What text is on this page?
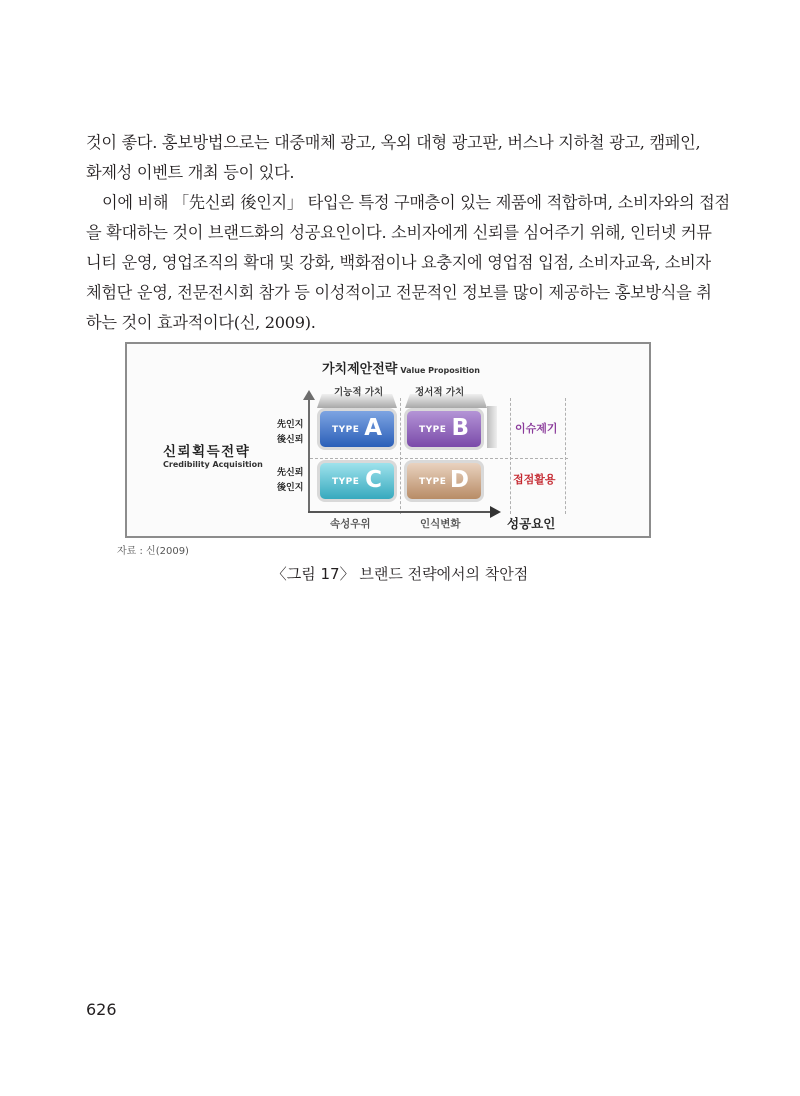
것이 좋다. 홍보방법으로는 대중매체 광고, 옥외 대형 광고판, 버스나 지하철 광고, 캠페인,
화제성 이벤트 개최 등이 있다.
이에 비해 「先신뢰 後인지」 타입은 특정 구매층이 있는 제품에 적합하며, 소비자와의 접점
을 확대하는 것이 브랜드화의 성공요인이다. 소비자에게 신뢰를 심어주기 위해, 인터넷 커뮤
니티 운영, 영업조직의 확대 및 강화, 백화점이나 요충지에 영업점 입점, 소비자교육, 소비자
체험단 운영, 전문전시회 참가 등 이성적이고 전문적인 정보를 많이 제공하는 홍보방식을 취
하는 것이 효과적이다(신, 2009).
가치제안전략 Value Proposition
기능적 가치	정서적 가치
先인지
後신뢰
先신뢰
後인지
신뢰획득전략
Credibility Acquisition
TYPE A	TYPE B
TYPE C	TYPE D
이슈제기
접점활용
속성우위	인식변화	성공요인
자료 : 신(2009)
〈그림 17〉 브랜드 전략에서의 착안점
626
